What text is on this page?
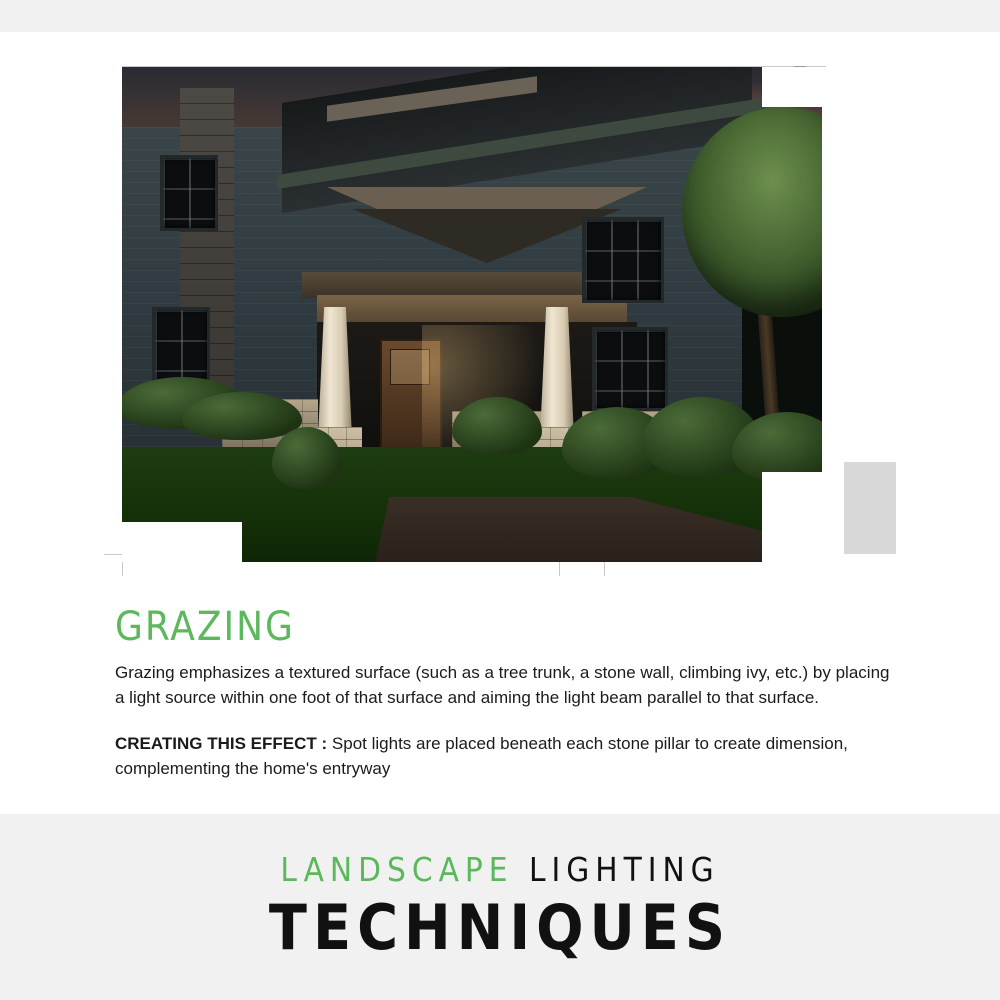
GRAZING

Grazing emphasizes a textured surface (such as a tree trunk, a stone wall, climbing ivy, etc.) by placing a light source within one foot of that surface and aiming the light beam parallel to that surface.

CREATING THIS EFFECT : Spot lights are placed beneath each stone pillar to create dimension, complementing the home's entryway

LANDSCAPE LIGHTING
TECHNIQUES
